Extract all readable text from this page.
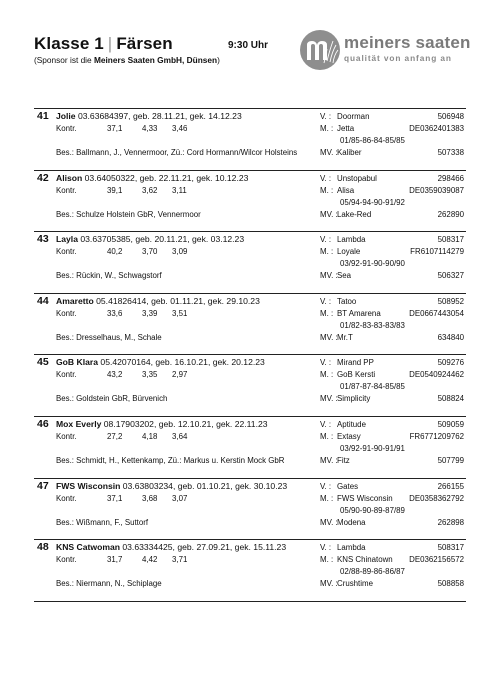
Klasse 1 | Färsen	9:30 Uhr
(Sponsor ist die Meiners Saaten GmbH, Dünsen)
meiners saaten
qualität von anfang an
41 Jolie 03.63684397, geb. 28.11.21, gek. 14.12.23
Kontr.	37,1 4,33 3,46
Bes.: Ballmann, J., Vennermoor, Zü.: Cord Hormann/Wilcor Holsteins
V. : Doorman	506948
M. : Jetta	DE0362401383
01/85-86-84-85/85
MV. : Kaliber	507338
42 Alison 03.64050322, geb. 22.11.21, gek. 10.12.23
Kontr.	39,1 3,62 3,11
Bes.: Schulze Holstein GbR, Vennermoor
V. : Unstopabul	298466
M. : Alisa	DE0359039087
05/94-94-90-91/92
MV. : Lake-Red	262890
43 Layla 03.63705385, geb. 20.11.21, gek. 03.12.23
Kontr.	40,2 3,70 3,09
Bes.: Rückin, W., Schwagstorf
V. : Lambda	508317
M. : Loyale	FR6107114279
03/92-91-90-90/90
MV. : Sea	506327
44 Amaretto 05.41826414, geb. 01.11.21, gek. 29.10.23
Kontr.	33,6 3,39 3,51
Bes.: Dresselhaus, M., Schale
V. : Tatoo	508952
M. : BT Amarena	DE0667443054
01/82-83-83-83/83
MV. : Mr.T	634840
45 GoB Klara 05.42070164, geb. 16.10.21, gek. 20.12.23
Kontr.	43,2 3,35 2,97
Bes.: Goldstein GbR, Bürvenich
V. : Mirand PP	509276
M. : GoB Kersti	DE0540924462
01/87-87-84-85/85
MV. : Simplicity	508824
46 Mox Everly 08.17903202, geb. 12.10.21, gek. 22.11.23
Kontr.	27,2 4,18 3,64
Bes.: Schmidt, H., Kettenkamp, Zü.: Markus u. Kerstin Mock GbR
V. : Aptitude	509059
M. : Extasy	FR6771209762
03/92-91-90-91/91
MV. : Fitz	507799
47 FWS Wisconsin 03.63803234, geb. 01.10.21, gek. 30.10.23
Kontr.	37,1 3,68 3,07
Bes.: Wißmann, F., Suttorf
V. : Gates	266155
M. : FWS Wisconsin DE0358362792
05/90-90-89-87/89
MV. : Modena	262898
48 KNS Catwoman 03.63334425, geb. 27.09.21, gek. 15.11.23
Kontr.	31,7 4,42 3,71
Bes.: Niermann, N., Schiplage
V. : Lambda	508317
M. : KNS Chinatown DE0362156572
02/88-89-86-86/87
MV. : Crushtime	508858
